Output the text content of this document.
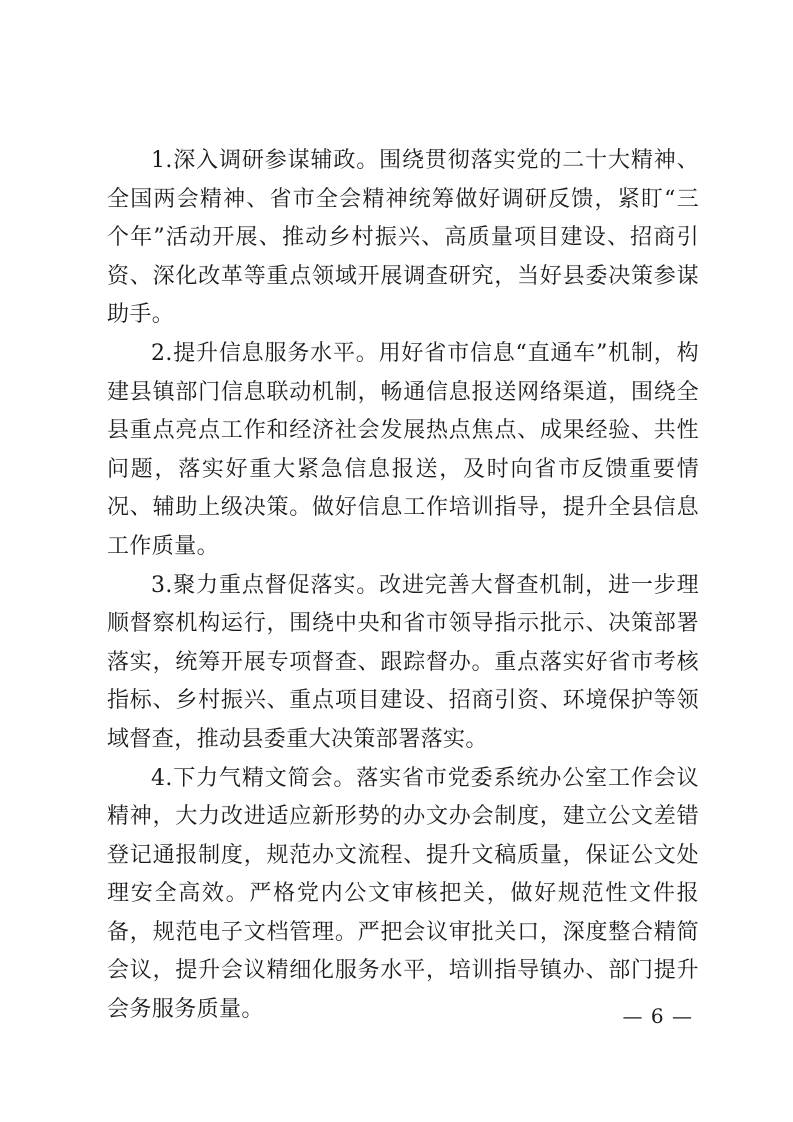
1.深入调研参谋辅政。围绕贯彻落实党的二十大精神、全国两会精神、省市全会精神统筹做好调研反馈，紧盯“三个年”活动开展、推动乡村振兴、高质量项目建设、招商引资、深化改革等重点领域开展调查研究，当好县委决策参谋助手。

2.提升信息服务水平。用好省市信息“直通车”机制，构建县镇部门信息联动机制，畅通信息报送网络渠道，围绕全县重点亮点工作和经济社会发展热点焦点、成果经验、共性问题，落实好重大紧急信息报送，及时向省市反馈重要情况、辅助上级决策。做好信息工作培训指导，提升全县信息工作质量。

3.聚力重点督促落实。改进完善大督查机制，进一步理顺督察机构运行，围绕中央和省市领导指示批示、决策部署落实，统筹开展专项督查、跟踪督办。重点落实好省市考核指标、乡村振兴、重点项目建设、招商引资、环境保护等领域督查，推动县委重大决策部署落实。

4.下力气精文简会。落实省市党委系统办公室工作会议精神，大力改进适应新形势的办文办会制度，建立公文差错登记通报制度，规范办文流程、提升文稿质量，保证公文处理安全高效。严格党内公文审核把关，做好规范性文件报备，规范电子文档管理。严把会议审批关口，深度整合精简会议，提升会议精细化服务水平，培训指导镇办、部门提升会务服务质量。	— 6 —
